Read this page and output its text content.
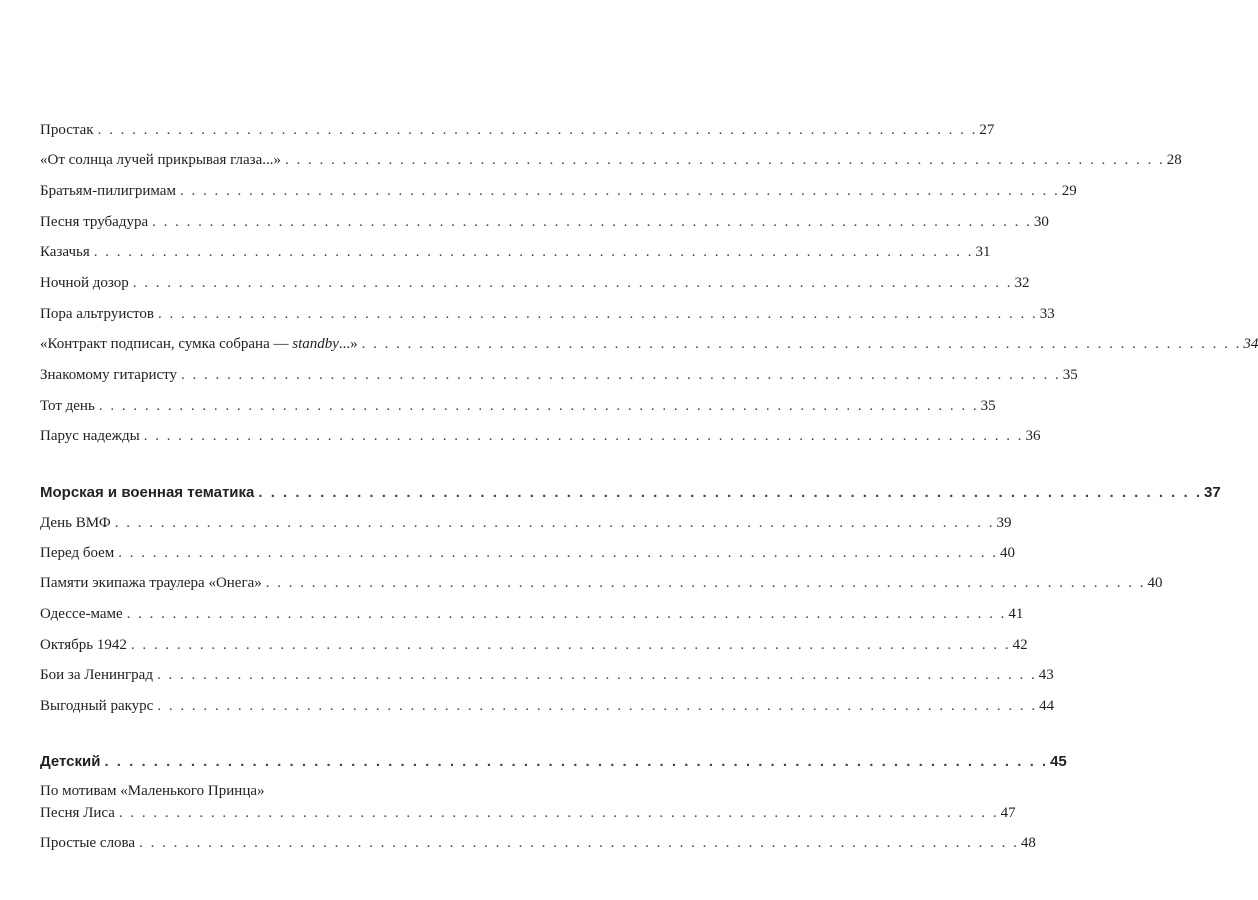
Простак . . . . . . . . . . . . . . . . . . . . . . . . . . . . . . . . . . . . . . . . . . . . . . . . . . . . . . . . . . . . . . . . . . . . . . . . . . . . . 27
«От солнца лучей прикрывая глаза...» . . . . . . . . . . . . . . . . . . . . . . . . . . . . . . . . . . . . . . . . . . . . . . . . . . . . . . . . . . . . . . . . . . . . . . . . . . . . . 28
Братьям-пилигримам . . . . . . . . . . . . . . . . . . . . . . . . . . . . . . . . . . . . . . . . . . . . . . . . . . . . . . . . . . . . . . . . . . . . . . . . . . . . . 29
Песня трубадура . . . . . . . . . . . . . . . . . . . . . . . . . . . . . . . . . . . . . . . . . . . . . . . . . . . . . . . . . . . . . . . . . . . . . . . . . . . . . 30
Казачья . . . . . . . . . . . . . . . . . . . . . . . . . . . . . . . . . . . . . . . . . . . . . . . . . . . . . . . . . . . . . . . . . . . . . . . . . . . . . 31
Ночной дозор . . . . . . . . . . . . . . . . . . . . . . . . . . . . . . . . . . . . . . . . . . . . . . . . . . . . . . . . . . . . . . . . . . . . . . . . . . . . . 32
Пора альтруистов . . . . . . . . . . . . . . . . . . . . . . . . . . . . . . . . . . . . . . . . . . . . . . . . . . . . . . . . . . . . . . . . . . . . . . . . . . . . . 33
«Контракт подписан, сумка собрана — standby...» . . . . . . . . . . . . . . . . . . . . . . . . . . . . . . . . . . . . . . . . . . . . . . . . . . . . . . . . . . . . . . . . . . . . . . . . . . . . . 34
Знакомому гитаристу . . . . . . . . . . . . . . . . . . . . . . . . . . . . . . . . . . . . . . . . . . . . . . . . . . . . . . . . . . . . . . . . . . . . . . . . . . . . . 35
Тот день . . . . . . . . . . . . . . . . . . . . . . . . . . . . . . . . . . . . . . . . . . . . . . . . . . . . . . . . . . . . . . . . . . . . . . . . . . . . . 35
Парус надежды . . . . . . . . . . . . . . . . . . . . . . . . . . . . . . . . . . . . . . . . . . . . . . . . . . . . . . . . . . . . . . . . . . . . . . . . . . . . . 36
Морская и военная тематика . . . . . . . . . . . . . . . . . . . . . . . . . . . . . . . . . . . . . . . . . . . . . . . . . . . . . . . . . . . . . . . . . . . . . . . . . . . . . 37
День ВМФ . . . . . . . . . . . . . . . . . . . . . . . . . . . . . . . . . . . . . . . . . . . . . . . . . . . . . . . . . . . . . . . . . . . . . . . . . . . . . 39
Перед боем . . . . . . . . . . . . . . . . . . . . . . . . . . . . . . . . . . . . . . . . . . . . . . . . . . . . . . . . . . . . . . . . . . . . . . . . . . . . . 40
Памяти экипажа траулера «Онега» . . . . . . . . . . . . . . . . . . . . . . . . . . . . . . . . . . . . . . . . . . . . . . . . . . . . . . . . . . . . . . . . . . . . . . . . . . . . . 40
Одессе-маме . . . . . . . . . . . . . . . . . . . . . . . . . . . . . . . . . . . . . . . . . . . . . . . . . . . . . . . . . . . . . . . . . . . . . . . . . . . . . 41
Октябрь 1942 . . . . . . . . . . . . . . . . . . . . . . . . . . . . . . . . . . . . . . . . . . . . . . . . . . . . . . . . . . . . . . . . . . . . . . . . . . . . . 42
Бои за Ленинград . . . . . . . . . . . . . . . . . . . . . . . . . . . . . . . . . . . . . . . . . . . . . . . . . . . . . . . . . . . . . . . . . . . . . . . . . . . . . 43
Выгодный ракурс . . . . . . . . . . . . . . . . . . . . . . . . . . . . . . . . . . . . . . . . . . . . . . . . . . . . . . . . . . . . . . . . . . . . . . . . . . . . . 44
Детский . . . . . . . . . . . . . . . . . . . . . . . . . . . . . . . . . . . . . . . . . . . . . . . . . . . . . . . . . . . . . . . . . . . . . . . . . . . . . 45
По мотивам «Маленького Принца»
Песня Лиса . . . . . . . . . . . . . . . . . . . . . . . . . . . . . . . . . . . . . . . . . . . . . . . . . . . . . . . . . . . . . . . . . . . . . . . . . . . . . 47
Простые слова . . . . . . . . . . . . . . . . . . . . . . . . . . . . . . . . . . . . . . . . . . . . . . . . . . . . . . . . . . . . . . . . . . . . . . . . . . . . . 48
